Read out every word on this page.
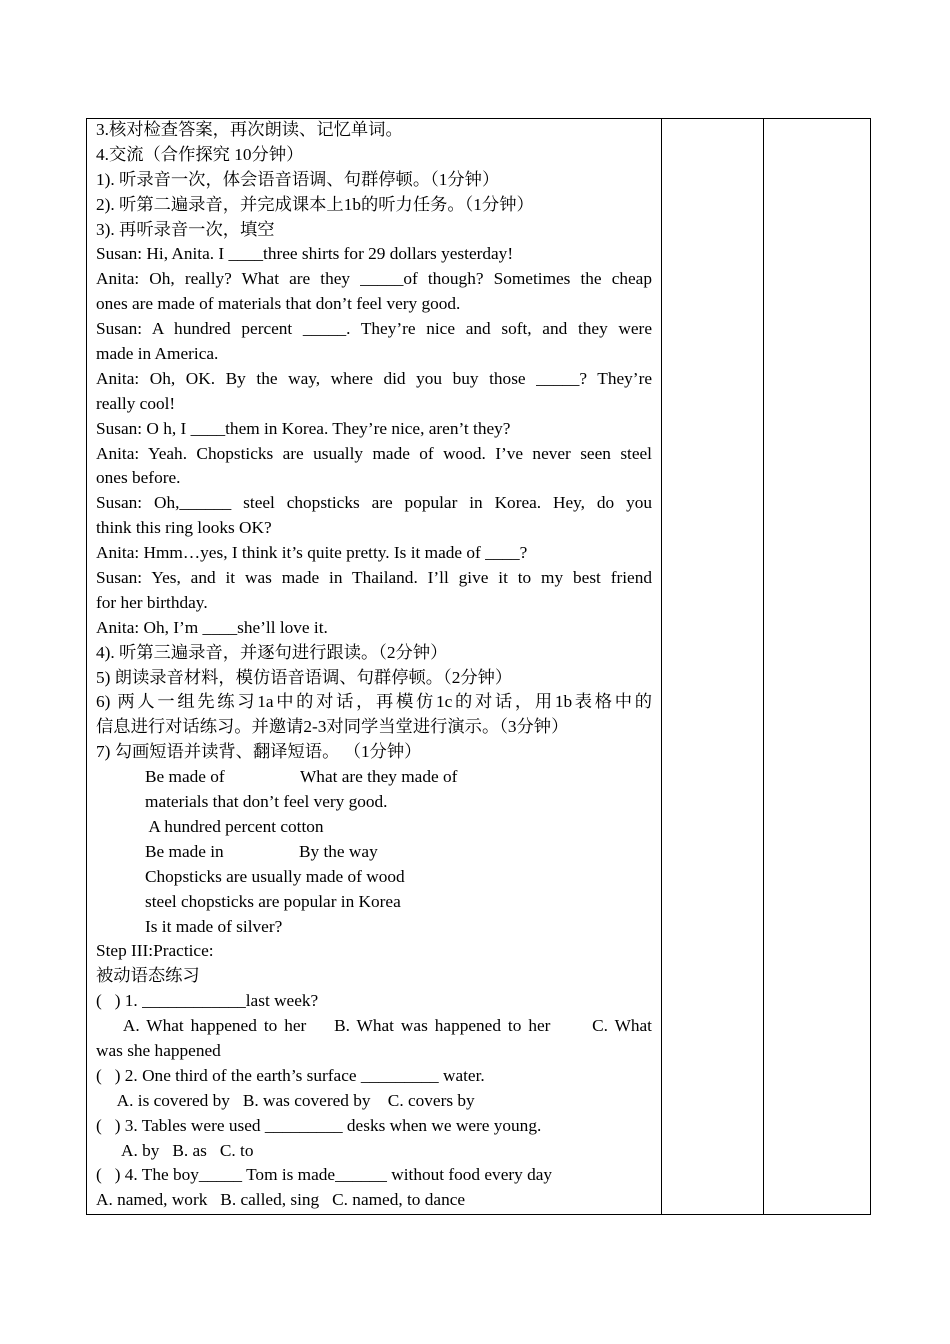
3.核对检查答案，再次朗读、记忆单词。
4.交流（合作探究 10分钟）
1). 听录音一次，体会语音语调、句群停顿。（1分钟）
2). 听第二遍录音，并完成课本上1b的听力任务。（1分钟）
3). 再听录音一次，填空
Susan: Hi, Anita. I ____three shirts for 29 dollars yesterday!
Anita: Oh, really? What are they _____of though? Sometimes the cheap
ones are made of materials that don’t feel very good.
Susan: A hundred percent _____. They’re nice and soft, and they were
made in America.
Anita: Oh, OK. By the way, where did you buy those _____? They’re
really cool!
Susan: O h, I ____them in Korea. They’re nice, aren’t they?
Anita: Yeah. Chopsticks are usually made of wood. I’ve never seen steel
ones before.
Susan: Oh,______ steel chopsticks are popular in Korea. Hey, do you
think this ring looks OK?
Anita: Hmm…yes, I think it’s quite pretty. Is it made of ____?
Susan: Yes, and it was made in Thailand. I’ll give it to my best friend
for her birthday.
Anita: Oh, I’m ____she’ll love it.
4). 听第三遍录音，并逐句进行跟读。（2分钟）
5) 朗读录音材料，模仿语音语调、句群停顿。（2分钟）
6) 两人一组先练习1a中的对话，再模仿1c的对话，用1b表格中的
信息进行对话练习。并邀请2-3对同学当堂进行演示。（3分钟）
7) 勾画短语并读背、翻译短语。 （1分钟）
Be made of	What are they made of
materials that don’t feel very good.
A hundred percent cotton
Be made in	By the way
Chopsticks are usually made of wood
steel chopsticks are popular in Korea
Is it made of silver?
Step III:Practice:
被动语态练习
(   ) 1. ____________last week?
A. What happened to her    B. What was happened to her      C. What
was she happened
(   ) 2. One third of the earth’s surface _________ water.
A. is covered by   B. was covered by    C. covers by
(   ) 3. Tables were used _________ desks when we were young.
A. by   B. as   C. to
(   ) 4. The boy_____ Tom is made______ without food every day
A. named, work   B. called, sing   C. named, to dance
